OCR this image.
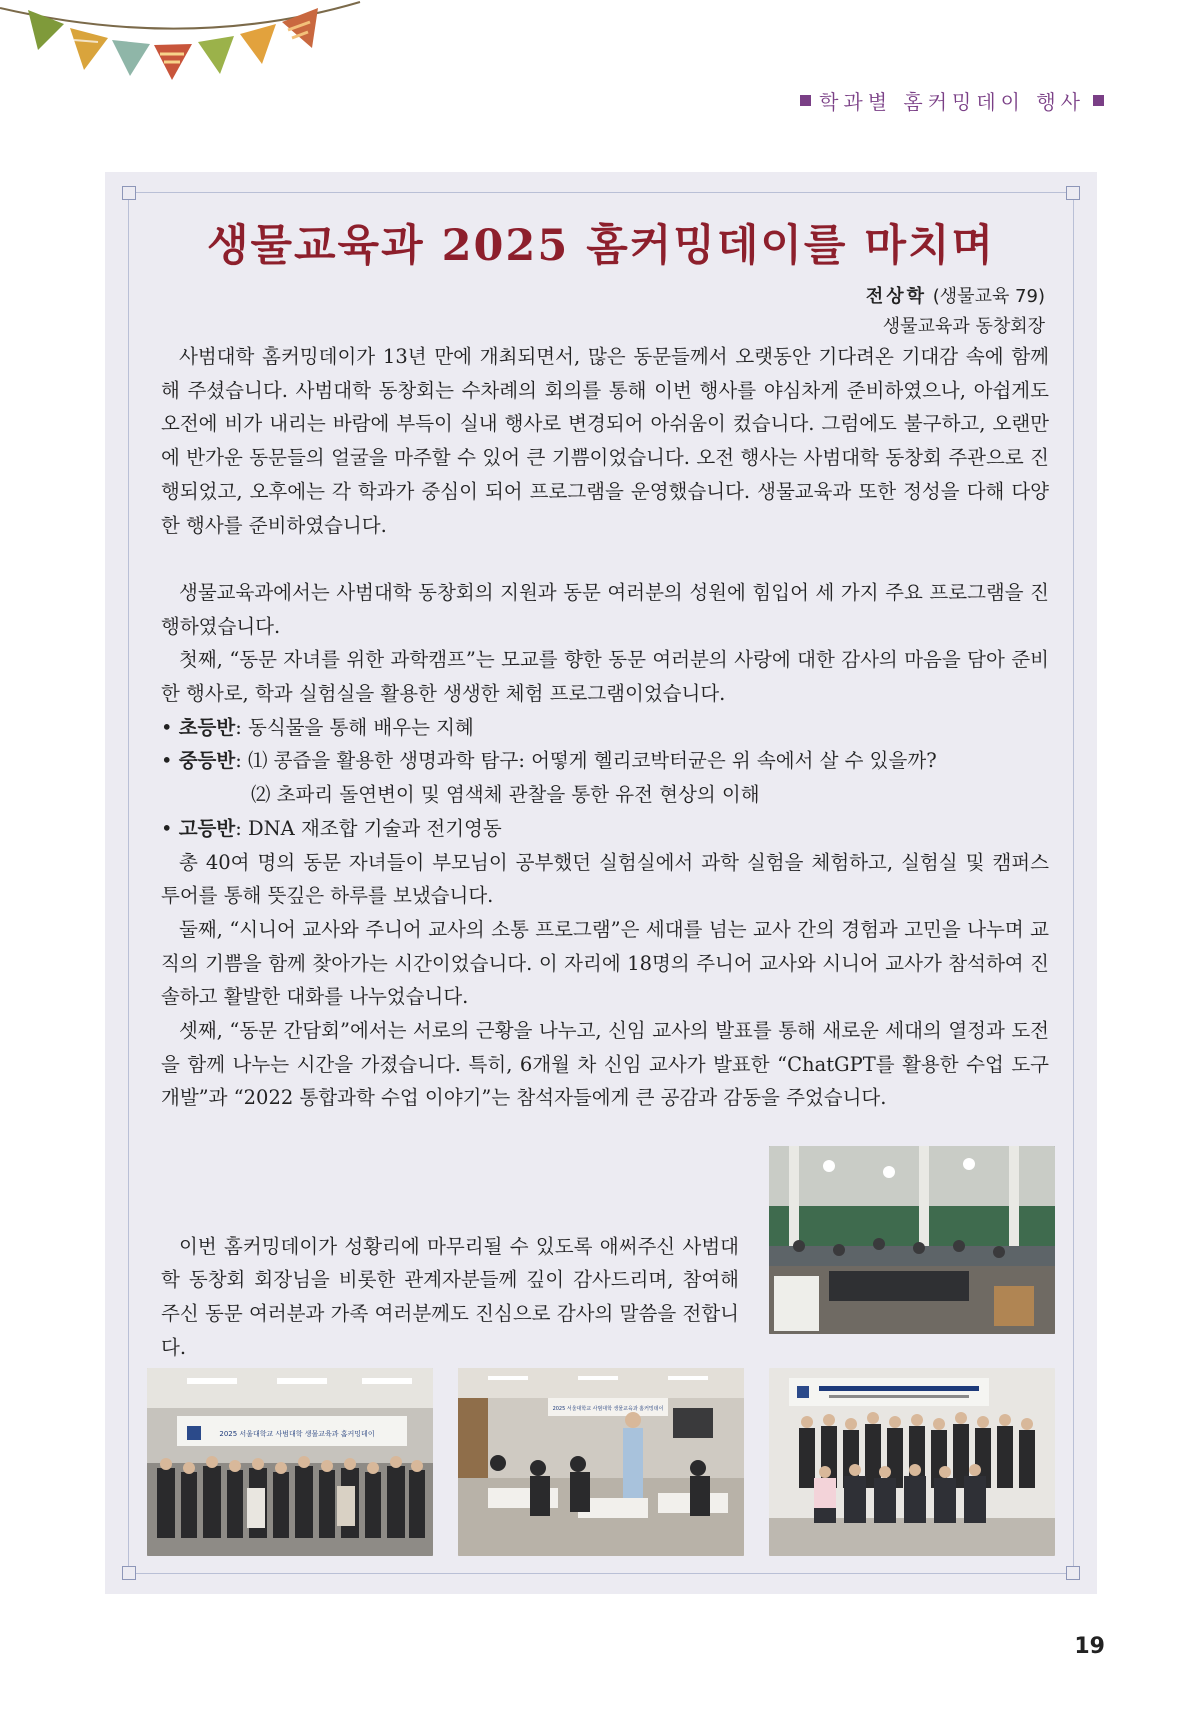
학과별 홈커밍데이 행사
생물교육과 2025 홈커밍데이를 마치며
전상학 (생물교육 79)
생물교육과 동창회장

사범대학 홈커밍데이가 13년 만에 개최되면서, 많은 동문들께서 오랫동안 기다려온 기대감 속에 함께해 주셨습니다. 사범대학 동창회는 수차례의 회의를 통해 이번 행사를 야심차게 준비하였으나, 아쉽게도 오전에 비가 내리는 바람에 부득이 실내 행사로 변경되어 아쉬움이 컸습니다. 그럼에도 불구하고, 오랜만에 반가운 동문들의 얼굴을 마주할 수 있어 큰 기쁨이었습니다. 오전 행사는 사범대학 동창회 주관으로 진행되었고, 오후에는 각 학과가 중심이 되어 프로그램을 운영했습니다. 생물교육과 또한 정성을 다해 다양한 행사를 준비하였습니다.

생물교육과에서는 사범대학 동창회의 지원과 동문 여러분의 성원에 힘입어 세 가지 주요 프로그램을 진행하였습니다.

첫째, “동문 자녀를 위한 과학캠프”는 모교를 향한 동문 여러분의 사랑에 대한 감사의 마음을 담아 준비한 행사로, 학과 실험실을 활용한 생생한 체험 프로그램이었습니다.

• 초등반: 동식물을 통해 배우는 지혜

• 중등반: ⑴ 콩즙을 활용한 생명과학 탐구: 어떻게 헬리코박터균은 위 속에서 살 수 있을까?

⑵ 초파리 돌연변이 및 염색체 관찰을 통한 유전 현상의 이해

• 고등반: DNA 재조합 기술과 전기영동

총 40여 명의 동문 자녀들이 부모님이 공부했던 실험실에서 과학 실험을 체험하고, 실험실 및 캠퍼스 투어를 통해 뜻깊은 하루를 보냈습니다.

둘째, “시니어 교사와 주니어 교사의 소통 프로그램”은 세대를 넘는 교사 간의 경험과 고민을 나누며 교직의 기쁨을 함께 찾아가는 시간이었습니다. 이 자리에 18명의 주니어 교사와 시니어 교사가 참석하여 진솔하고 활발한 대화를 나누었습니다.

셋째, “동문 간담회”에서는 서로의 근황을 나누고, 신임 교사의 발표를 통해 새로운 세대의 열정과 도전을 함께 나누는 시간을 가졌습니다. 특히, 6개월 차 신임 교사가 발표한 “ChatGPT를 활용한 수업 도구 개발”과 “2022 통합과학 수업 이야기”는 참석자들에게 큰 공감과 감동을 주었습니다.

이번 홈커밍데이가 성황리에 마무리될 수 있도록 애써주신 사범대학 동창회 회장님을 비롯한 관계자분들께 깊이 감사드리며, 참여해 주신 동문 여러분과 가족 여러분께도 진심으로 감사의 말씀을 전합니다.

2025 서울대학교 사범대학 생물교육과 홈커밍데이
2025 서울대학교 사범대학 생물교육과 홈커밍데이
19
